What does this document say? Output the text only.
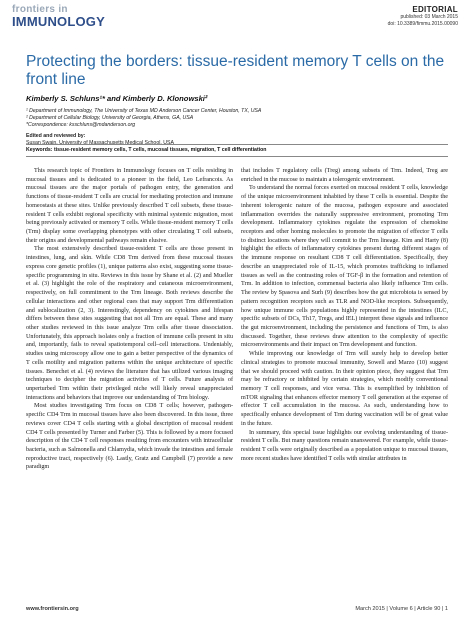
frontiers in
IMMUNOLOGY
EDITORIAL
published: 03 March 2015
doi: 10.3389/fimmu.2015.00090
Protecting the borders: tissue-resident memory T cells on the front line
Kimberly S. Schluns¹* and Kimberly D. Klonowski²
¹ Department of Immunology, The University of Texas MD Anderson Cancer Center, Houston, TX, USA
² Department of Cellular Biology, University of Georgia, Athens, GA, USA
*Correspondence: ksschluns@mdanderson.org
Edited and reviewed by:
Susan Swain, University of Massachusetts Medical School, USA
Keywords: tissue-resident memory cells, T cells, mucosal tissues, migration, T cell differentiation

This research topic of Frontiers in Immunology focuses on T cells residing in mucosal tissues and is dedicated to a pioneer in the field, Leo Lefrancois. As mucosal tissues are the major portals of pathogen entry, the generation and functions of tissue-resident T cells are crucial for mediating protection and immune homeostasis at these sites. Unlike previously described T cell subsets, these tissue-resident T cells exhibit regional specificity with minimal systemic migration, most being previously activated or memory T cells. While tissue-resident memory T cells (Trm) display some overlapping phenotypes with other circulating T cell subsets, their origins and developmental pathways remain elusive.

The most extensively described tissue-resident T cells are those present in intestines, lung, and skin. While CD8 Trm derived from these mucosal tissues express core genetic profiles (1), unique patterns also exist, suggesting some tissue-specific programming in situ. Reviews in this issue by Shane et al. (2) and Mueller et al. (3) highlight the role of the respiratory and cutaneous microenvironment, respectively, on full commitment to the Trm lineage. Both reviews describe the cellular interactions and other regional cues that may support Trm differentiation and sublocalization (2, 3). Interestingly, dependency on cytokines and lifespan differs between these sites suggesting that not all Trm are equal. These and many other studies reviewed in this issue analyze Trm cells after tissue dissociation. Unfortunately, this approach isolates only a fraction of immune cells present in situ and, importantly, fails to reveal spatiotemporal cell–cell interactions. Undeniably, studies using microscopy allow one to gain a better perspective of the dynamics of T cells motility and migration patterns within the unique architecture of specific tissues. Benechet et al. (4) reviews the literature that has utilized various imaging techniques to decipher the migration activities of T cells. Future analysis of unperturbed Trm within their privileged niche will likely reveal unappreciated interactions and behaviors that improve our understanding of Trm biology.

Most studies investigating Trm focus on CD8 T cells; however, pathogen-specific CD4 Trm in mucosal tissues have also been discovered. In this issue, three reviews cover CD4 T cells starting with a global description of mucosal resident CD4 T cells presented by Turner and Farber (5). This is followed by a more focused description of the CD4 T cell responses resulting from encounters with intracellular bacteria, such as Salmonella and Chlamydia, which invade the intestines and female reproductive tract, respectively (6). Lastly, Gratz and Campbell (7) provide a new paradigm

that includes T regulatory cells (Treg) among subsets of Trm. Indeed, Treg are enriched in the mucose to maintain a tolerogenic environment.

To understand the normal forces exerted on mucosal resident T cells, knowledge of the unique microenvironment inhabited by these T cells is essential. Despite the inherent tolerogenic nature of the mucosa, pathogen exposure and associated inflammation overrides the naturally suppressive environment, promoting Trm development. Inflammatory cytokines regulate the expression of chemokine receptors and other homing molecules to promote the migration of effector T cells to distinct locations where they will commit to the Trm lineage. Kim and Harty (8) highlight the effects of inflammatory cytokines present during different stages of the immune response on resultant CD8 T cell differentiation. Specifically, they describe an unappreciated role of IL-15, which promotes trafficking to inflamed tissues as well as the contrasting roles of TGF-β in the formation and retention of Trm. In addition to infection, commensal bacteria also likely influence Trm cells. The review by Spasova and Surh (9) describes how the gut microbiota is sensed by pattern recognition receptors such as TLR and NOD-like receptors. Subsequently, how unique immune cells populations highly represented in the intestines (ILC, specific subsets of DCs, Th17, Tregs, and IEL) interpret these signals and influence the gut microenvironment, including the persistence and functions of Trm, is also discussed. Together, these reviews draw attention to the complexity of specific microenvironments and their impact on Trm development and function.

While improving our knowledge of Trm will surely help to develop better clinical strategies to promote mucosal immunity, Sowell and Marzo (10) suggest that we should proceed with caution. In their opinion piece, they suggest that Trm may be refractory or inhibited by certain strategies, which modify conventional memory T cell responses, and vice versa. This is exemplified by inhibition of mTOR signaling that enhances effector memory T cell generation at the expense of effector T cell accumulation in the mucosa. As such, understanding how to specifically enhance development of Trm during vaccination will be of great value in the future.

In summary, this special issue highlights our evolving understanding of tissue-resident T cells. But many questions remain unanswered. For example, while tissue-resident T cells were originally described as a population unique to mucosal tissues, more recent studies have identified T cells with similar attributes in

www.frontiersin.org	March 2015 | Volume 6 | Article 90 | 1
